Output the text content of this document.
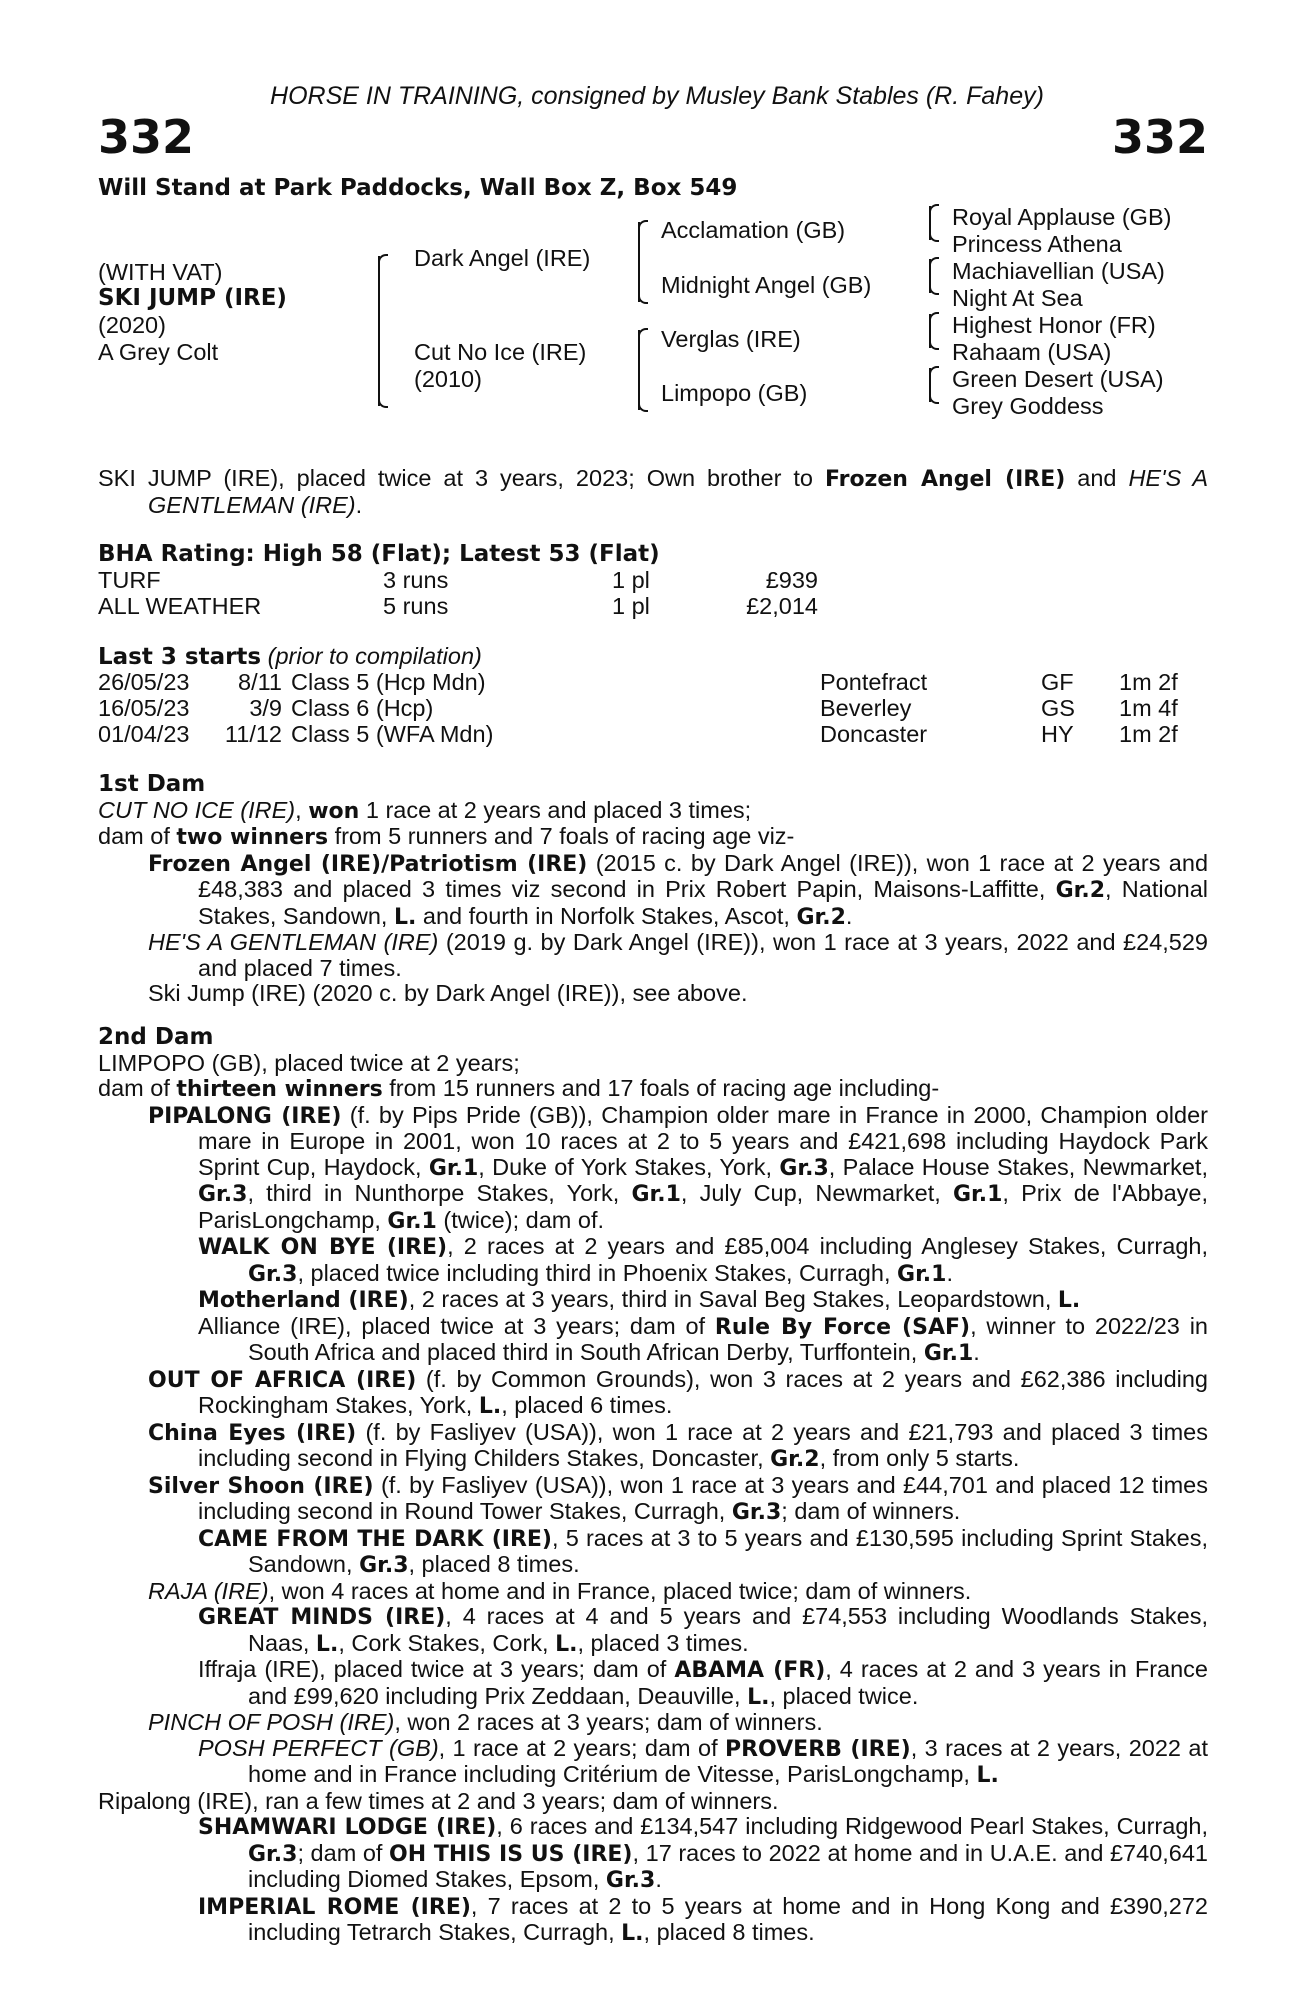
HORSE IN TRAINING, consigned by Musley Bank Stables (R. Fahey)
332	332
Will Stand at Park Paddocks, Wall Box Z, Box 549
(WITH VAT)
SKI JUMP (IRE)
(2020)
A Grey Colt
Dark Angel (IRE)
Cut No Ice (IRE)
(2010)
Acclamation (GB)
Midnight Angel (GB)
Verglas (IRE)
Limpopo (GB)
Royal Applause (GB)
Princess Athena
Machiavellian (USA)
Night At Sea
Highest Honor (FR)
Rahaam (USA)
Green Desert (USA)
Grey Goddess

SKI JUMP (IRE), placed twice at 3 years, 2023; Own brother to Frozen Angel (IRE) and HE'S A GENTLEMAN (IRE).

BHA Rating: High 58 (Flat); Latest 53 (Flat)
TURF	3 runs	1 pl	£939
ALL WEATHER	5 runs	1 pl	£2,014
Last 3 starts (prior to compilation)
26/05/23 8/11 Class 5 (Hcp Mdn)	Pontefract	GF 1m 2f
16/05/23	3/9 Class 6 (Hcp)	Beverley	GS 1m 4f
01/04/23 11/12 Class 5 (WFA Mdn)	Doncaster	HY 1m 2f

1st Dam

CUT NO ICE (IRE), won 1 race at 2 years and placed 3 times;

dam of two winners from 5 runners and 7 foals of racing age viz-

Frozen Angel (IRE)/Patriotism (IRE) (2015 c. by Dark Angel (IRE)), won 1 race at 2 years and £48,383 and placed 3 times viz second in Prix Robert Papin, Maisons-Laffitte, Gr.2, National Stakes, Sandown, L. and fourth in Norfolk Stakes, Ascot, Gr.2.

HE'S A GENTLEMAN (IRE) (2019 g. by Dark Angel (IRE)), won 1 race at 3 years, 2022 and £24,529 and placed 7 times.

Ski Jump (IRE) (2020 c. by Dark Angel (IRE)), see above.

2nd Dam

LIMPOPO (GB), placed twice at 2 years;

dam of thirteen winners from 15 runners and 17 foals of racing age including-

PIPALONG (IRE) (f. by Pips Pride (GB)), Champion older mare in France in 2000, Champion older mare in Europe in 2001, won 10 races at 2 to 5 years and £421,698 including Haydock Park Sprint Cup, Haydock, Gr.1, Duke of York Stakes, York, Gr.3, Palace House Stakes, Newmarket, Gr.3, third in Nunthorpe Stakes, York, Gr.1, July Cup, Newmarket, Gr.1, Prix de l'Abbaye, ParisLongchamp, Gr.1 (twice); dam of.

WALK ON BYE (IRE), 2 races at 2 years and £85,004 including Anglesey Stakes, Curragh, Gr.3, placed twice including third in Phoenix Stakes, Curragh, Gr.1.

Motherland (IRE), 2 races at 3 years, third in Saval Beg Stakes, Leopardstown, L.

Alliance (IRE), placed twice at 3 years; dam of Rule By Force (SAF), winner to 2022/23 in South Africa and placed third in South African Derby, Turffontein, Gr.1.

OUT OF AFRICA (IRE) (f. by Common Grounds), won 3 races at 2 years and £62,386 including Rockingham Stakes, York, L., placed 6 times.

China Eyes (IRE) (f. by Fasliyev (USA)), won 1 race at 2 years and £21,793 and placed 3 times including second in Flying Childers Stakes, Doncaster, Gr.2, from only 5 starts.

Silver Shoon (IRE) (f. by Fasliyev (USA)), won 1 race at 3 years and £44,701 and placed 12 times including second in Round Tower Stakes, Curragh, Gr.3; dam of winners.

CAME FROM THE DARK (IRE), 5 races at 3 to 5 years and £130,595 including Sprint Stakes, Sandown, Gr.3, placed 8 times.

RAJA (IRE), won 4 races at home and in France, placed twice; dam of winners.

GREAT MINDS (IRE), 4 races at 4 and 5 years and £74,553 including Woodlands Stakes, Naas, L., Cork Stakes, Cork, L., placed 3 times.

Iffraja (IRE), placed twice at 3 years; dam of ABAMA (FR), 4 races at 2 and 3 years in France and £99,620 including Prix Zeddaan, Deauville, L., placed twice.

PINCH OF POSH (IRE), won 2 races at 3 years; dam of winners.

POSH PERFECT (GB), 1 race at 2 years; dam of PROVERB (IRE), 3 races at 2 years, 2022 at home and in France including Critérium de Vitesse, ParisLongchamp, L.

Ripalong (IRE), ran a few times at 2 and 3 years; dam of winners.

SHAMWARI LODGE (IRE), 6 races and £134,547 including Ridgewood Pearl Stakes, Curragh, Gr.3; dam of OH THIS IS US (IRE), 17 races to 2022 at home and in U.A.E. and £740,641 including Diomed Stakes, Epsom, Gr.3.

IMPERIAL ROME (IRE), 7 races at 2 to 5 years at home and in Hong Kong and £390,272 including Tetrarch Stakes, Curragh, L., placed 8 times.
